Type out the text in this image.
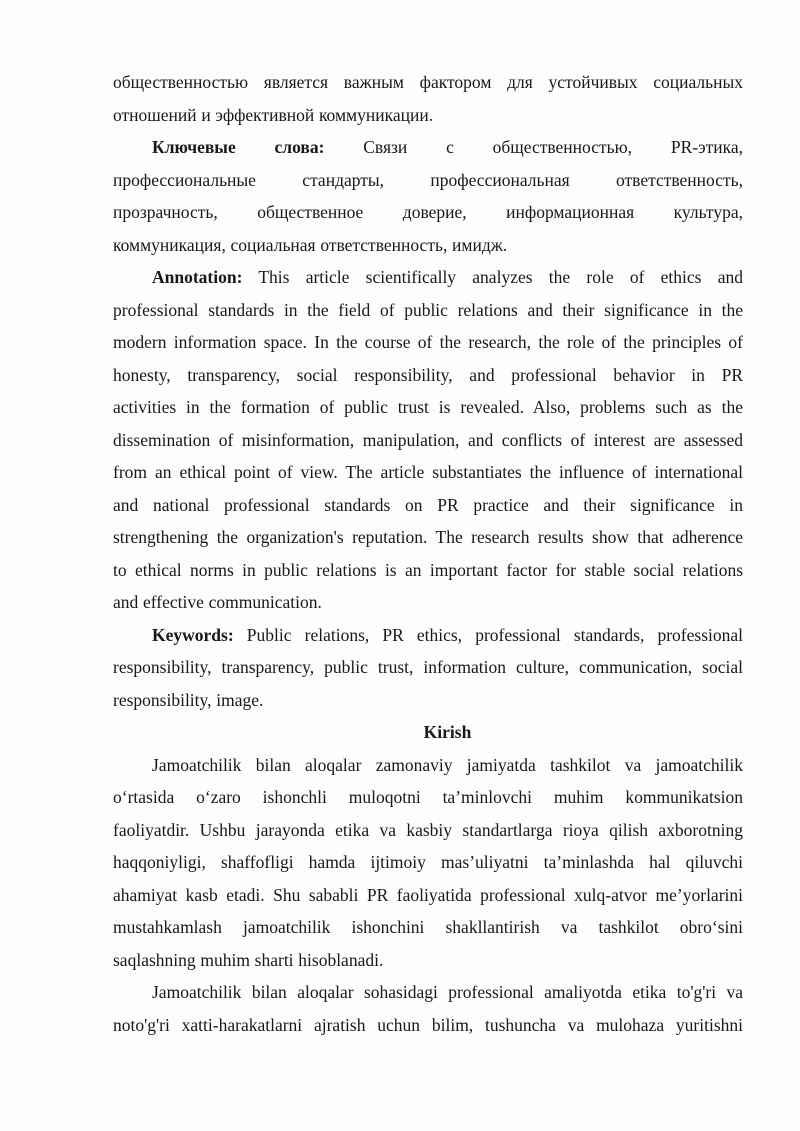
общественностью является важным фактором для устойчивых социальных
отношений и эффективной коммуникации.
Ключевые слова: Связи с общественностью, PR-этика,
профессиональные стандарты, профессиональная ответственность,
прозрачность, общественное доверие, информационная культура,
коммуникация, социальная ответственность, имидж.
Annotation: This article scientifically analyzes the role of ethics and
professional standards in the field of public relations and their significance in the
modern information space. In the course of the research, the role of the principles of
honesty, transparency, social responsibility, and professional behavior in PR
activities in the formation of public trust is revealed. Also, problems such as the
dissemination of misinformation, manipulation, and conflicts of interest are assessed
from an ethical point of view. The article substantiates the influence of international
and national professional standards on PR practice and their significance in
strengthening the organization's reputation. The research results show that adherence
to ethical norms in public relations is an important factor for stable social relations
and effective communication.
Keywords: Public relations, PR ethics, professional standards, professional
responsibility, transparency, public trust, information culture, communication, social
responsibility, image.
Kirish
Jamoatchilik bilan aloqalar zamonaviy jamiyatda tashkilot va jamoatchilik
o‘rtasida o‘zaro ishonchli muloqotni ta’minlovchi muhim kommunikatsion
faoliyatdir. Ushbu jarayonda etika va kasbiy standartlarga rioya qilish axborotning
haqqoniyligi, shaffofligi hamda ijtimoiy mas’uliyatni ta’minlashda hal qiluvchi
ahamiyat kasb etadi. Shu sababli PR faoliyatida professional xulq-atvor me’yorlarini
mustahkamlash jamoatchilik ishonchini shakllantirish va tashkilot obro‘sini
saqlashning muhim sharti hisoblanadi.
Jamoatchilik bilan aloqalar sohasidagi professional amaliyotda etika to'g'ri va
noto'g'ri xatti-harakatlarni ajratish uchun bilim, tushuncha va mulohaza yuritishni
